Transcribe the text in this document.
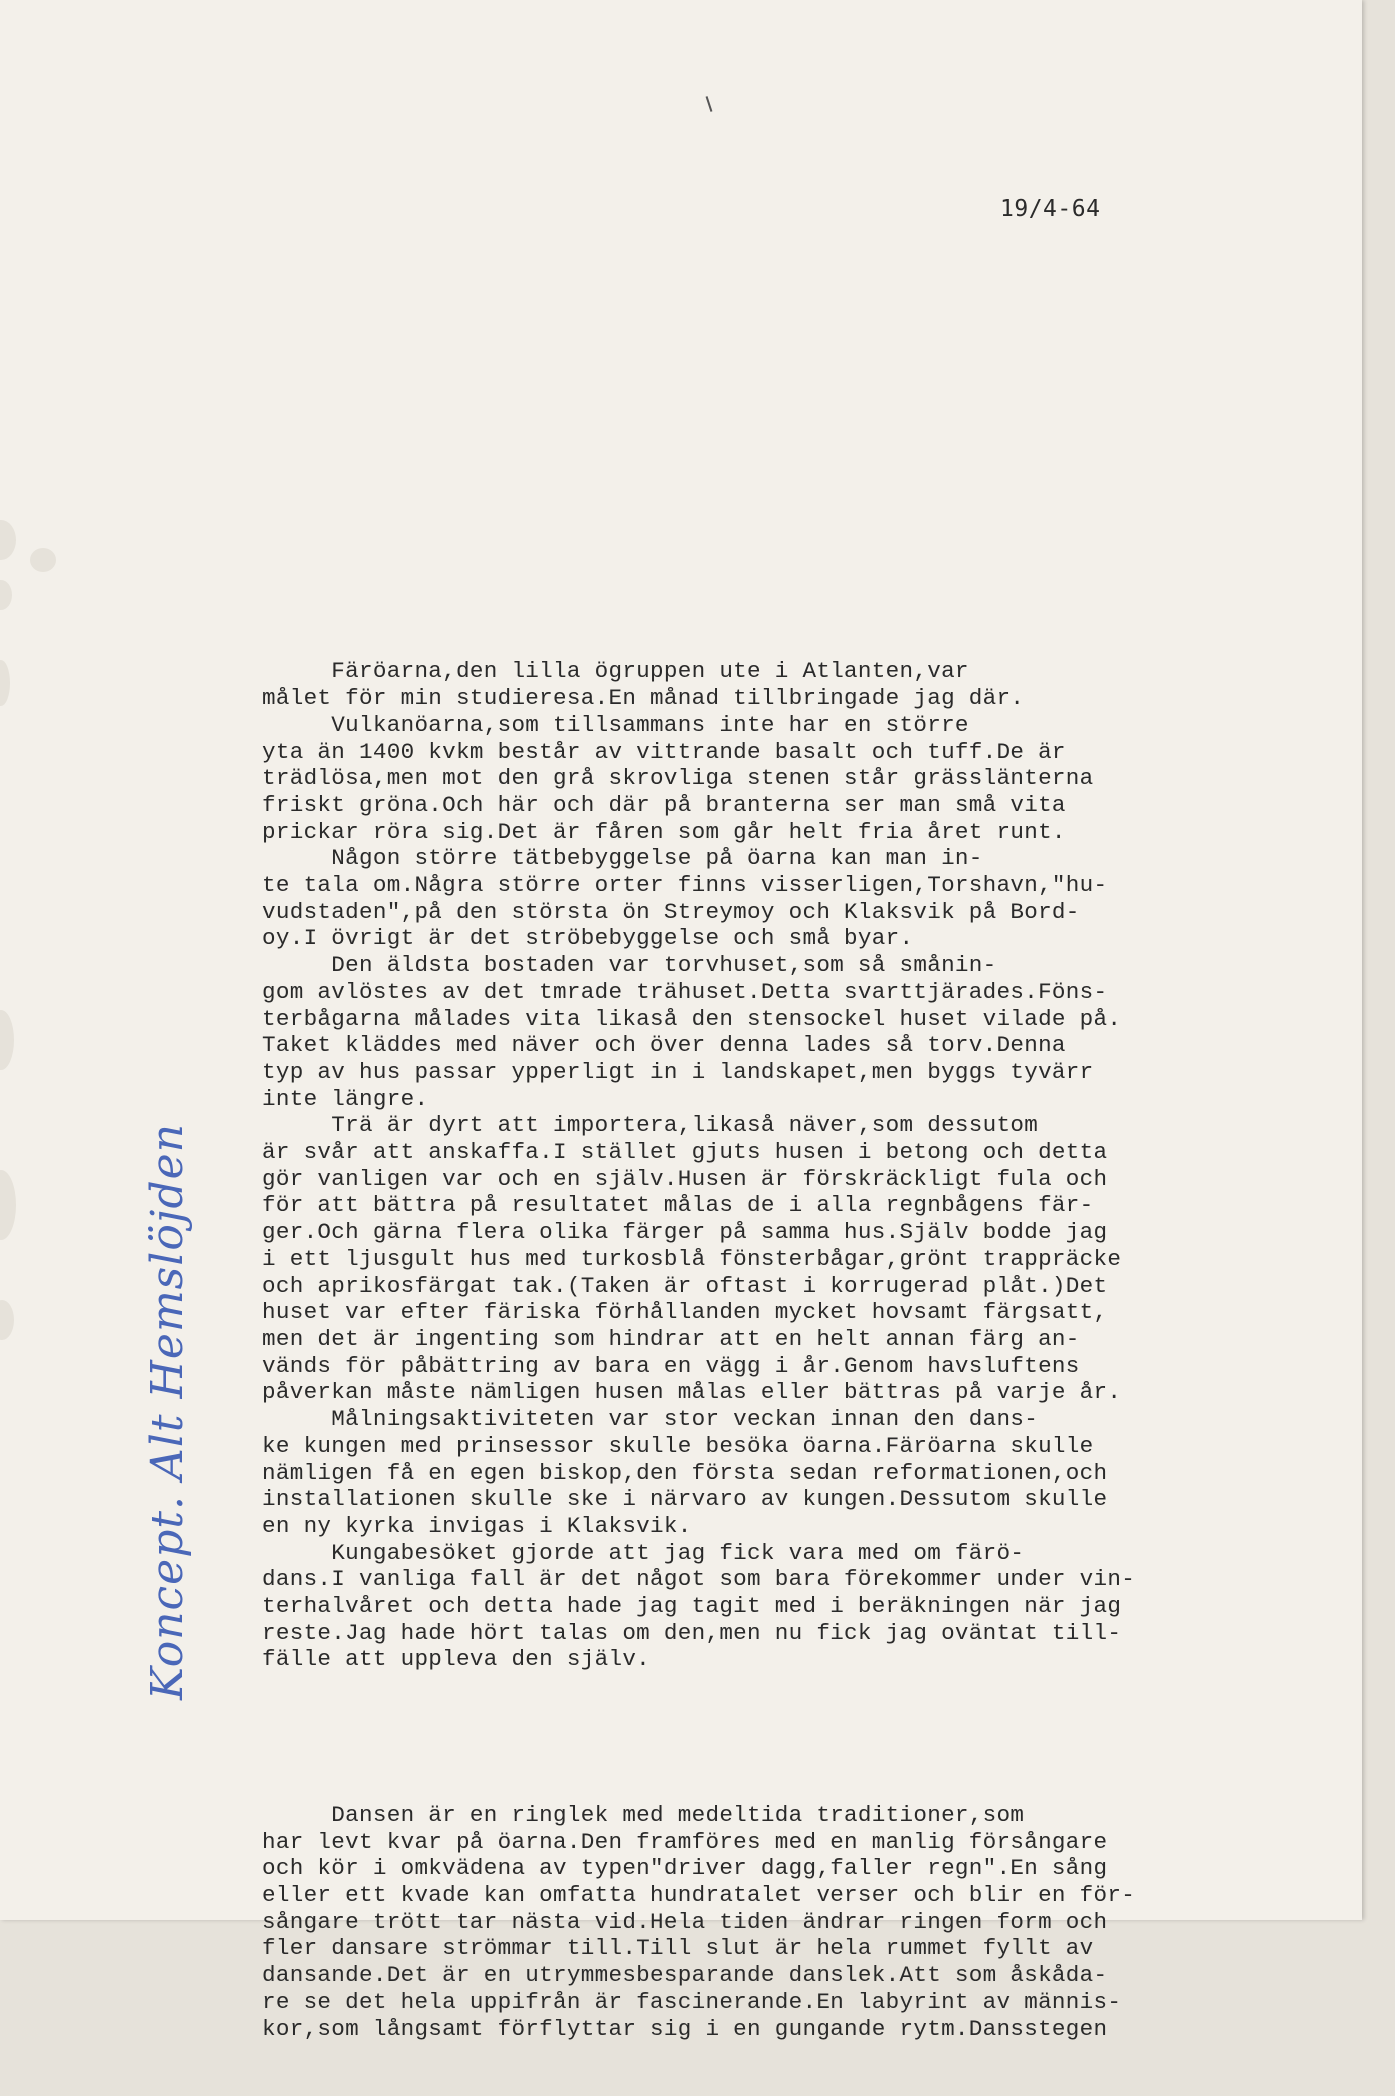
19/4-64

Färöarna,den lilla ögruppen ute i Atlanten,var
målet för min studieresa.En månad tillbringade jag där.
Vulkanöarna,som tillsammans inte har en större
yta än 1400 kvkm består av vittrande basalt och tuff.De är
trädlösa,men mot den grå skrovliga stenen står grässlänterna
friskt gröna.Och här och där på branterna ser man små vita
prickar röra sig.Det är fåren som går helt fria året runt.
Någon större tätbebyggelse på öarna kan man in-
te tala om.Några större orter finns visserligen,Torshavn,"hu-
vudstaden",på den största ön Streymoy och Klaksvik på Bord-
oy.I övrigt är det ströbebyggelse och små byar.
Den äldsta bostaden var torvhuset,som så smånin-
gom avlöstes av det tmrade trähuset.Detta svarttjärades.Föns-
terbågarna målades vita likaså den stensockel huset vilade på.
Taket kläddes med näver och över denna lades så torv.Denna
typ av hus passar ypperligt in i landskapet,men byggs tyvärr
inte längre.
Trä är dyrt att importera,likaså näver,som dessutom
är svår att anskaffa.I stället gjuts husen i betong och detta
gör vanligen var och en själv.Husen är förskräckligt fula och
för att bättra på resultatet målas de i alla regnbågens fär-
ger.Och gärna flera olika färger på samma hus.Själv bodde jag
i ett ljusgult hus med turkosblå fönsterbågar,grönt trappräcke
och aprikosfärgat tak.(Taken är oftast i korrugerad plåt.)Det
huset var efter färiska förhållanden mycket hovsamt färgsatt,
men det är ingenting som hindrar att en helt annan färg an-
vänds för påbättring av bara en vägg i år.Genom havsluftens
påverkan måste nämligen husen målas eller bättras på varje år.
Målningsaktiviteten var stor veckan innan den dans-
ke kungen med prinsessor skulle besöka öarna.Färöarna skulle
nämligen få en egen biskop,den första sedan reformationen,och
installationen skulle ske i närvaro av kungen.Dessutom skulle
en ny kyrka invigas i Klaksvik.
Kungabesöket gjorde att jag fick vara med om färö-
dans.I vanliga fall är det något som bara förekommer under vin-
terhalvåret och detta hade jag tagit med i beräkningen när jag
reste.Jag hade hört talas om den,men nu fick jag oväntat till-
fälle att uppleva den själv.

Dansen är en ringlek med medeltida traditioner,som
har levt kvar på öarna.Den framföres med en manlig försångare
och kör i omkvädena av typen"driver dagg,faller regn".En sång
eller ett kvade kan omfatta hundratalet verser och blir en för-
sångare trött tar nästa vid.Hela tiden ändrar ringen form och
fler dansare strömmar till.Till slut är hela rummet fyllt av
dansande.Det är en utrymmesbesparande danslek.Att som åskåda-
re se det hela uppifrån är fascinerande.En labyrint av männis-
kor,som långsamt förflyttar sig i en gungande rytm.Dansstegen

Koncept. Alt Hemslöjden
